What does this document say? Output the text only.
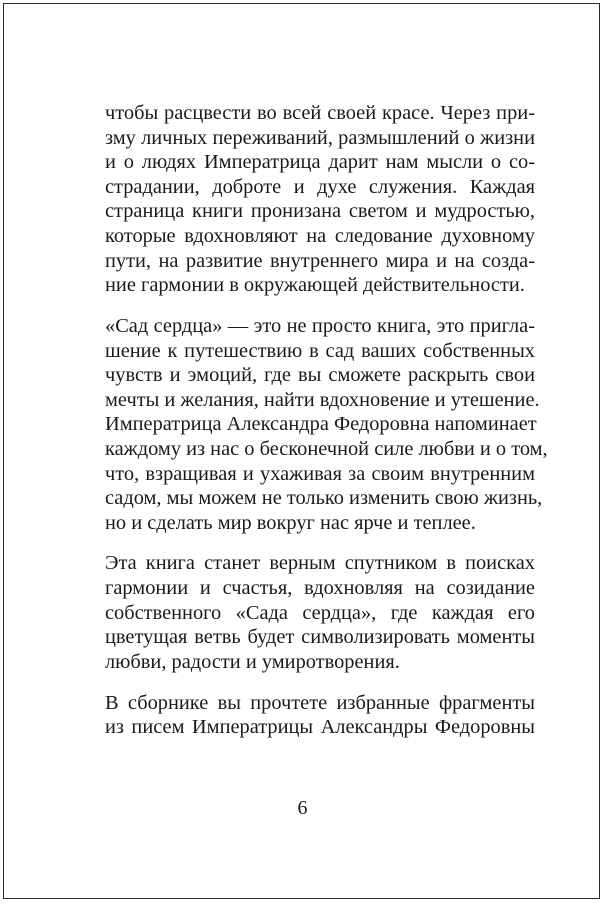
чтобы расцвести во всей своей красе. Через при-
зму личных переживаний, размышлений о жизни
и о людях Императрица дарит нам мысли о со-
страдании, доброте и духе служения. Каждая
страница книги пронизана светом и мудростью,
которые вдохновляют на следование духовному
пути, на развитие внутреннего мира и на созда-
ние гармонии в окружающей действительности.

«Сад сердца» — это не просто книга, это пригла-
шение к путешествию в сад ваших собственных
чувств и эмоций, где вы сможете раскрыть свои
мечты и желания, найти вдохновение и утешение.
Императрица Александра Федоровна напоминает
каждому из нас о бесконечной силе любви и о том,
что, взращивая и ухаживая за своим внутренним
садом, мы можем не только изменить свою жизнь,
но и сделать мир вокруг нас ярче и теплее.

Эта книга станет верным спутником в поисках
гармонии и счастья, вдохновляя на созидание
собственного «Сада сердца», где каждая его
цветущая ветвь будет символизировать моменты
любви, радости и умиротворения.

В сборнике вы прочтете избранные фрагменты
из писем Императрицы Александры Федоровны

6
